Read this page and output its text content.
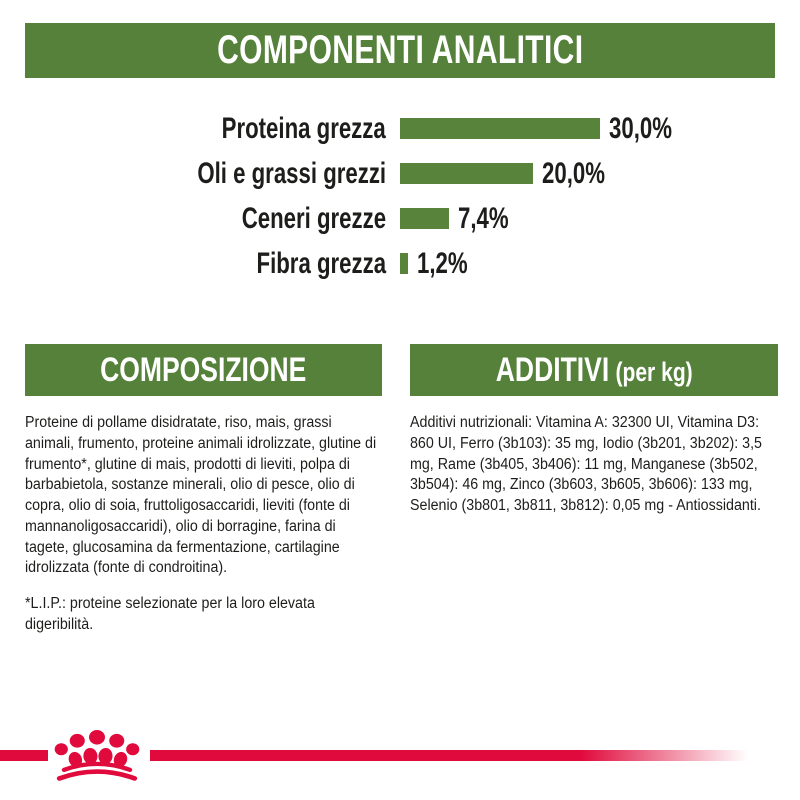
COMPONENTI ANALITICI
Proteina grezza	30,0%
Oli e grassi grezzi	20,0%
Ceneri grezze	7,4%
Fibra grezza	1,2%
COMPOSIZIONE

Proteine di pollame disidratate, riso, mais, grassi animali, frumento, proteine animali idrolizzate, glutine di frumento*, glutine di mais, prodotti di lieviti, polpa di barbabietola, sostanze minerali, olio di pesce, olio di copra, olio di soia, fruttoligosaccaridi, lieviti (fonte di mannanoligosaccaridi), olio di borragine, farina di tagete, glucosamina da fermentazione, cartilagine idrolizzata (fonte di condroitina).

*L.I.P.: proteine selezionate per la loro elevata digeribilità.

ADDITIVI (per kg)

Additivi nutrizionali: Vitamina A: 32300 UI, Vitamina D3: 860 UI, Ferro (3b103): 35 mg, Iodio (3b201, 3b202): 3,5 mg, Rame (3b405, 3b406): 11 mg, Manganese (3b502, 3b504): 46 mg, Zinco (3b603, 3b605, 3b606): 133 mg, Selenio (3b801, 3b811, 3b812): 0,05 mg - Antiossidanti.
